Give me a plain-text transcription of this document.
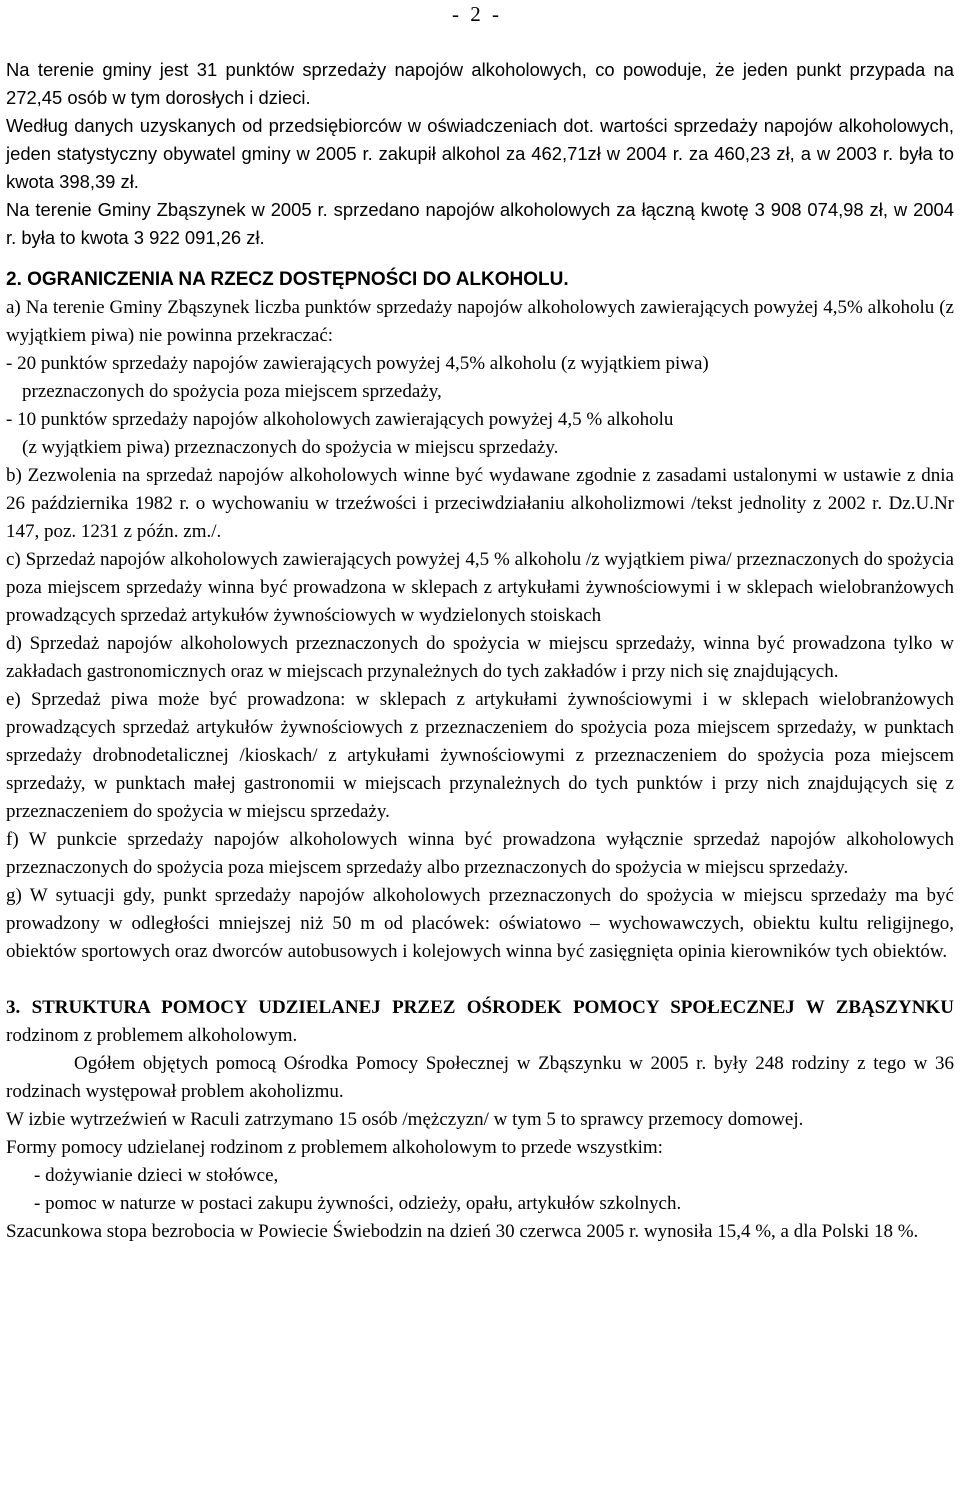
- 2 -

Na terenie gminy jest 31 punktów sprzedaży napojów alkoholowych, co powoduje, że jeden punkt przypada na 272,45 osób w tym dorosłych i dzieci.

Według danych uzyskanych od przedsiębiorców w oświadczeniach dot. wartości sprzedaży napojów alkoholowych, jeden statystyczny obywatel gminy w 2005 r. zakupił alkohol za 462,71zł w 2004 r. za 460,23 zł, a w 2003 r. była to kwota 398,39 zł.

Na terenie Gminy Zbąszynek w 2005 r. sprzedano napojów alkoholowych za łączną kwotę 3 908 074,98 zł, w 2004 r. była to kwota 3 922 091,26 zł.

2. OGRANICZENIA NA RZECZ DOSTĘPNOŚCI DO ALKOHOLU.

a) Na terenie Gminy Zbąszynek liczba punktów sprzedaży napojów alkoholowych zawierających powyżej 4,5% alkoholu (z wyjątkiem piwa) nie powinna przekraczać:

- 20 punktów sprzedaży napojów zawierających powyżej 4,5% alkoholu (z wyjątkiem piwa)

przeznaczonych do spożycia poza miejscem sprzedaży,

- 10 punktów sprzedaży napojów alkoholowych zawierających powyżej 4,5 % alkoholu

(z wyjątkiem piwa) przeznaczonych do spożycia w miejscu sprzedaży.

b) Zezwolenia na sprzedaż napojów alkoholowych winne być wydawane zgodnie z zasadami ustalonymi w ustawie z dnia 26 października 1982 r. o wychowaniu w trzeźwości i przeciwdziałaniu alkoholizmowi /tekst jednolity z 2002 r. Dz.U.Nr 147, poz. 1231 z późn. zm./.

c) Sprzedaż napojów alkoholowych zawierających powyżej 4,5 % alkoholu /z wyjątkiem piwa/ przeznaczonych do spożycia poza miejscem sprzedaży winna być prowadzona w sklepach z artykułami żywnościowymi i w sklepach wielobranżowych prowadzących sprzedaż artykułów żywnościowych w wydzielonych stoiskach

d) Sprzedaż napojów alkoholowych przeznaczonych do spożycia w miejscu sprzedaży, winna być prowadzona tylko w zakładach gastronomicznych oraz w miejscach przynależnych do tych zakładów i przy nich się znajdujących.

e) Sprzedaż piwa może być prowadzona: w sklepach z artykułami żywnościowymi i w sklepach wielobranżowych prowadzących sprzedaż artykułów żywnościowych z przeznaczeniem do spożycia poza miejscem sprzedaży, w punktach sprzedaży drobnodetalicznej /kioskach/ z artykułami żywnościowymi z przeznaczeniem do spożycia poza miejscem sprzedaży, w punktach małej gastronomii w miejscach przynależnych do tych punktów i przy nich znajdujących się z przeznaczeniem do spożycia w miejscu sprzedaży.

f) W punkcie sprzedaży napojów alkoholowych winna być prowadzona wyłącznie sprzedaż napojów alkoholowych przeznaczonych do spożycia poza miejscem sprzedaży albo przeznaczonych do spożycia w miejscu sprzedaży.

g) W sytuacji gdy, punkt sprzedaży napojów alkoholowych przeznaczonych do spożycia w miejscu sprzedaży ma być prowadzony w odległości mniejszej niż 50 m od placówek: oświatowo – wychowawczych, obiektu kultu religijnego, obiektów sportowych oraz dworców autobusowych i kolejowych winna być zasięgnięta opinia kierowników tych obiektów.

3. STRUKTURA POMOCY UDZIELANEJ PRZEZ OŚRODEK POMOCY SPOŁECZNEJ W ZBĄSZYNKU rodzinom z problemem alkoholowym.

Ogółem objętych pomocą Ośrodka Pomocy Społecznej w Zbąszynku w 2005 r. były 248 rodziny z tego w 36 rodzinach występował problem akoholizmu.

W izbie wytrzeźwień w Raculi zatrzymano 15 osób /mężczyzn/ w tym 5 to sprawcy przemocy domowej.

Formy pomocy udzielanej rodzinom z problemem alkoholowym to przede wszystkim:

- dożywianie dzieci w stołówce,

- pomoc w naturze w postaci zakupu żywności, odzieży, opału, artykułów szkolnych.

Szacunkowa stopa bezrobocia w Powiecie Świebodzin na dzień 30 czerwca 2005 r. wynosiła 15,4 %, a dla Polski 18 %.
